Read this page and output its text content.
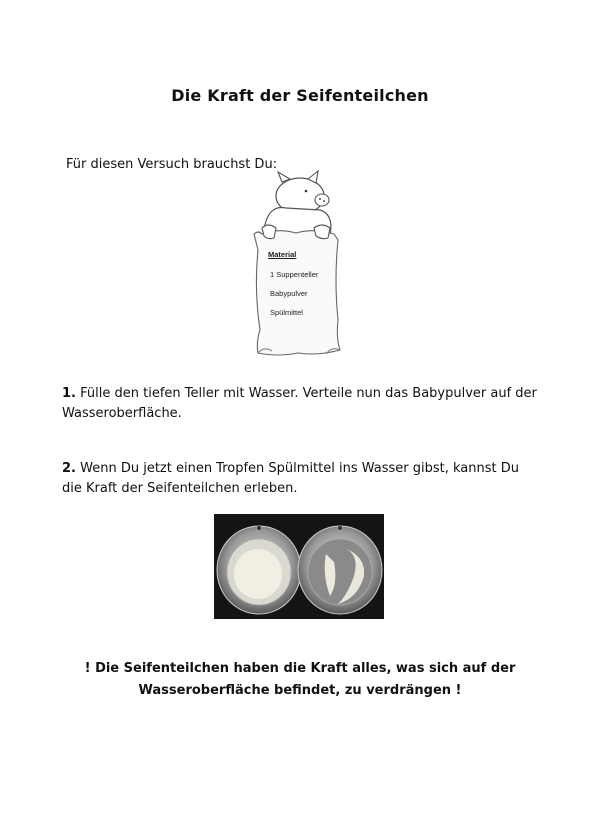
Die Kraft der Seifenteilchen
Für diesen Versuch brauchst Du:
Material
1 Suppenteller
Babypulver
Spülmittel
1. Fülle den tiefen Teller mit Wasser. Verteile nun das Babypulver auf der Wasseroberfläche.
2. Wenn Du jetzt einen Tropfen Spülmittel ins Wasser gibst, kannst Du die Kraft der Seifenteilchen erleben.
! Die Seifenteilchen haben die Kraft alles, was sich auf der Wasseroberfläche befindet, zu verdrängen !
